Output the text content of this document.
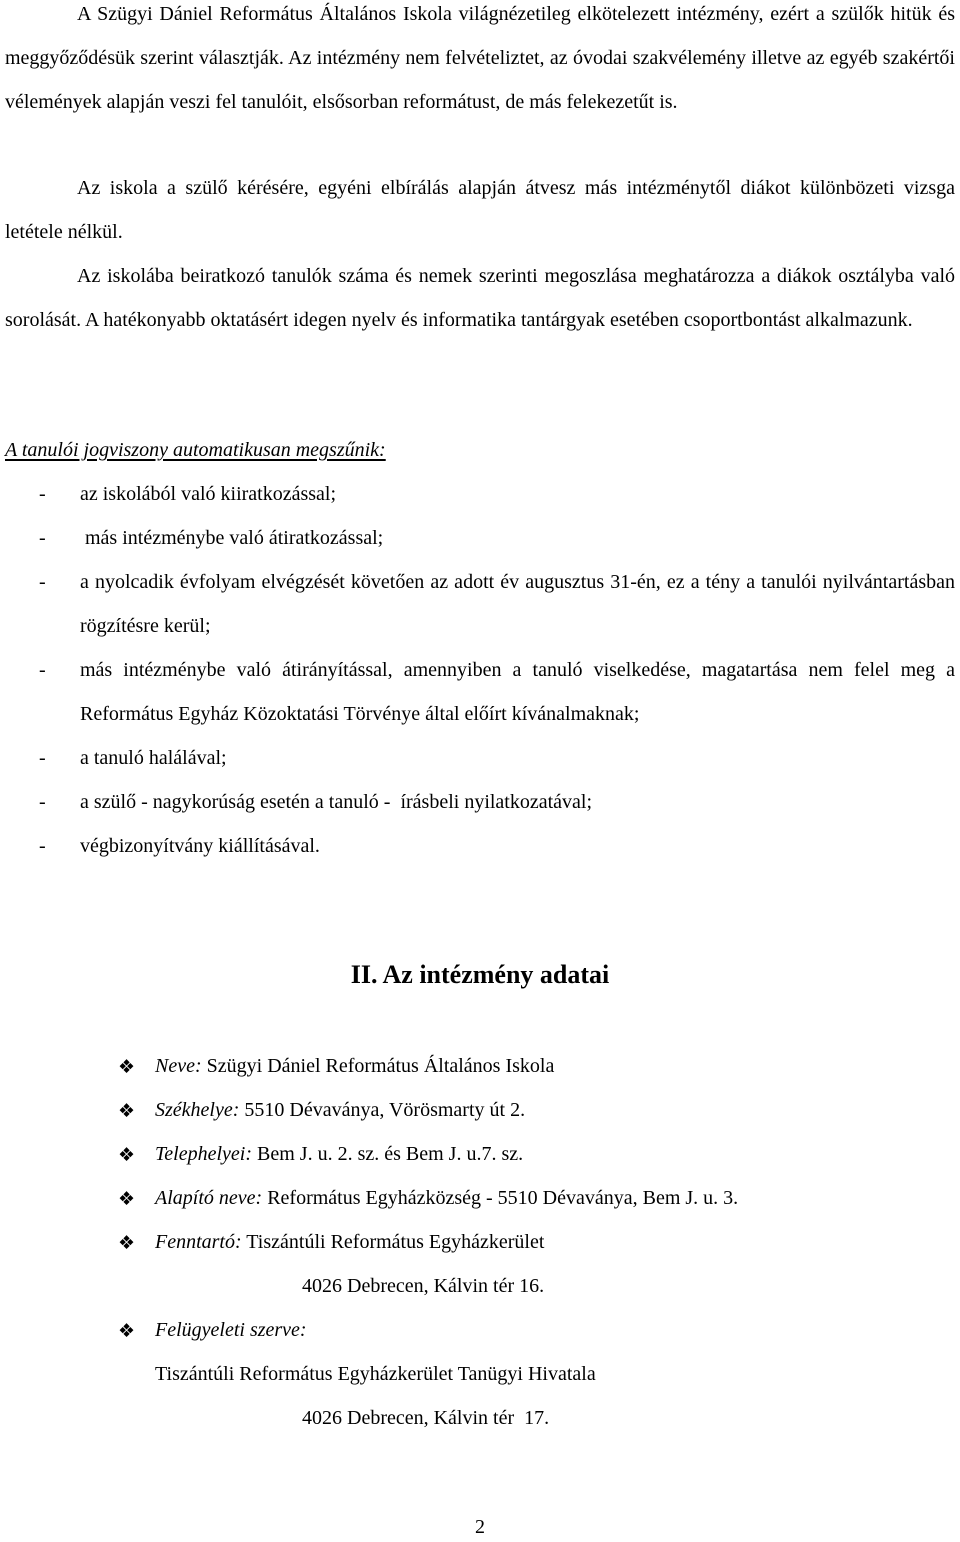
A Szügyi Dániel Református Általános Iskola világnézetileg elkötelezett intézmény, ezért a szülők hitük és meggyőződésük szerint választják. Az intézmény nem felvételiztet, az óvodai szakvélemény illetve az egyéb szakértői vélemények alapján veszi fel tanulóit, elsősorban reformátust, de más felekezetűt is.

Az iskola a szülő kérésére, egyéni elbírálás alapján átvesz más intézménytől diákot különbözeti vizsga letétele nélkül.

Az iskolába beiratkozó tanulók száma és nemek szerinti megoszlása meghatározza a diákok osztályba való sorolását. A hatékonyabb oktatásért idegen nyelv és informatika tantárgyak esetében csoportbontást alkalmazunk.

A tanulói jogviszony automatikusan megszűnik:

- az iskolából való kiiratkozással;
- más intézménybe való átiratkozással;
- a nyolcadik évfolyam elvégzését követően az adott év augusztus 31-én, ez a tény a tanulói nyilvántartásban rögzítésre kerül;
- más intézménybe való átirányítással, amennyiben a tanuló viselkedése, magatartása nem felel meg a Református Egyház Közoktatási Törvénye által előírt kívánalmaknak;
- a tanuló halálával;
- a szülő - nagykorúság esetén a tanuló -  írásbeli nyilatkozatával;
- végbizonyítvány kiállításával.
II. Az intézmény adatai
❖ Neve: Szügyi Dániel Református Általános Iskola
❖ Székhelye: 5510 Dévaványa, Vörösmarty út 2.
❖ Telephelyei: Bem J. u. 2. sz. és Bem J. u.7. sz.
❖ Alapító neve: Református Egyházközség - 5510 Dévaványa, Bem J. u. 3.
❖ Fenntartó: Tiszántúli Református Egyházkerület
4026 Debrecen, Kálvin tér 16.
❖ Felügyeleti szerve:
Tiszántúli Református Egyházkerület Tanügyi Hivatala
4026 Debrecen, Kálvin tér  17.

2
